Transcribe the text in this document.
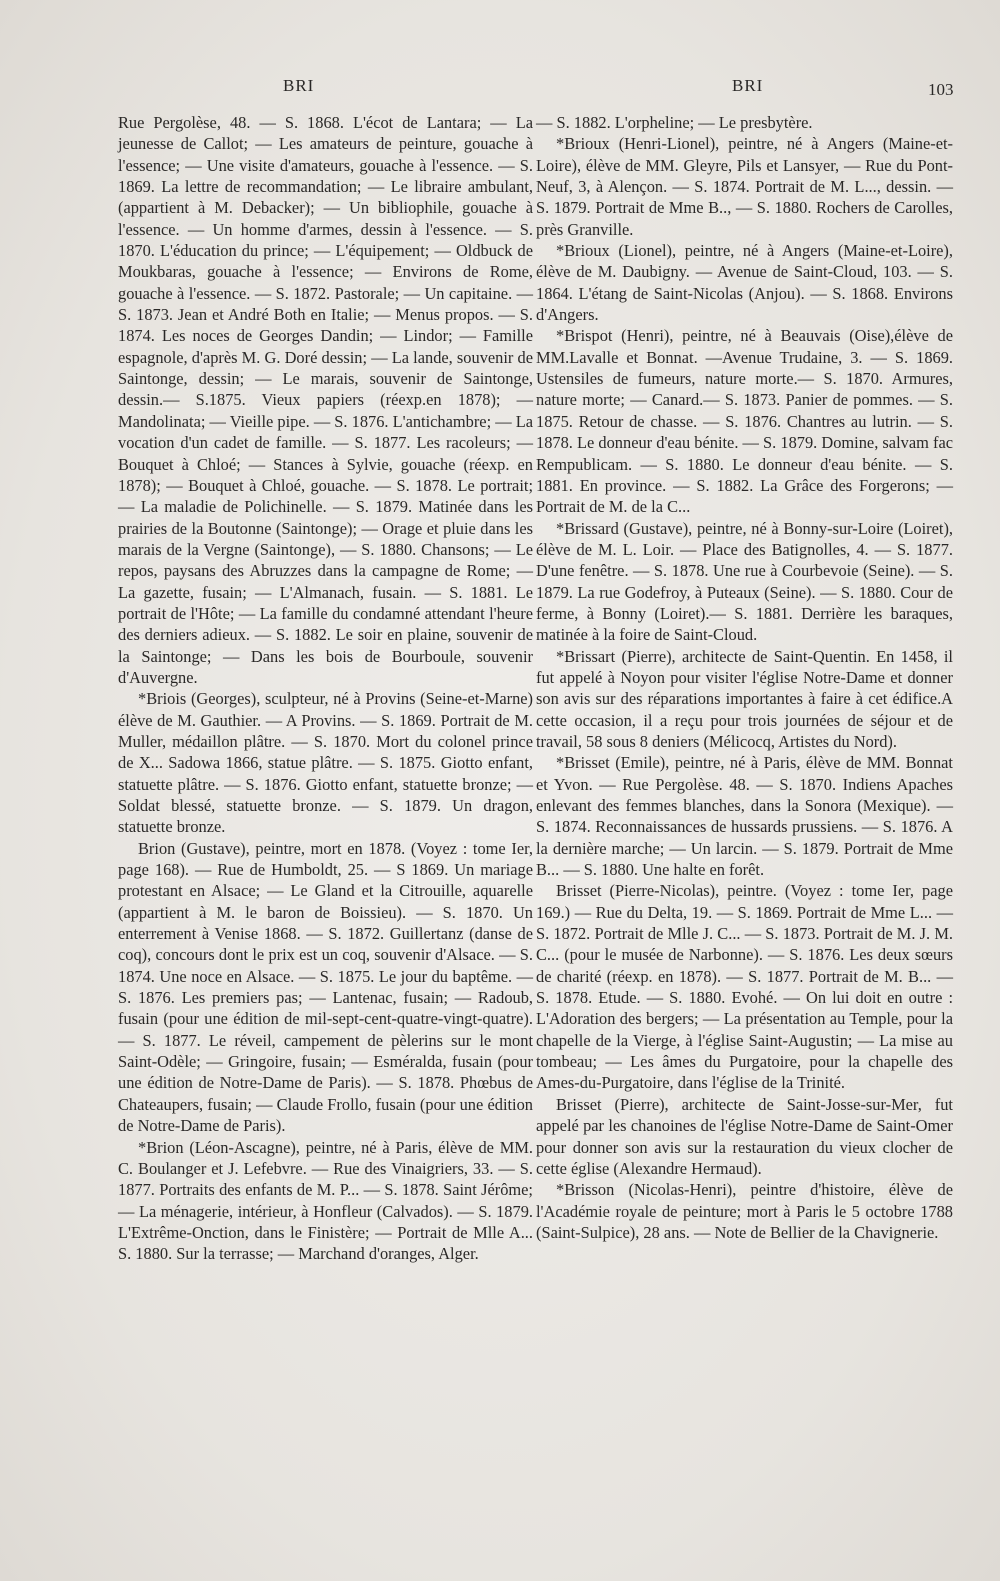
BRI	BRI	103

Rue Pergolèse, 48. — S. 1868. L'écot de Lantara; — La jeunesse de Callot; — Les amateurs de peinture, gouache à l'essence; — Une visite d'amateurs, gouache à l'essence. — S. 1869. La lettre de recommandation; — Le libraire ambulant, (appartient à M. Debacker); — Un bibliophile, gouache à l'essence. — Un homme d'armes, dessin à l'essence. — S. 1870. L'éducation du prince; — L'équipement; — Oldbuck de Moukbaras, gouache à l'essence; — Environs de Rome, gouache à l'essence. — S. 1872. Pastorale; — Un capitaine. — S. 1873. Jean et André Both en Italie; — Menus propos. — S. 1874. Les noces de Georges Dandin; — Lindor; — Famille espagnole, d'après M. G. Doré dessin; — La lande, souvenir de Saintonge, dessin; — Le marais, souvenir de Saintonge, dessin.— S.1875. Vieux papiers (réexp.en 1878); — Mandolinata; — Vieille pipe. — S. 1876. L'antichambre; — La vocation d'un cadet de famille. — S. 1877. Les racoleurs; — Bouquet à Chloé; — Stances à Sylvie, gouache (réexp. en 1878); — Bouquet à Chloé, gouache. — S. 1878. Le portrait; — La maladie de Polichinelle. — S. 1879. Matinée dans les prairies de la Boutonne (Saintonge); — Orage et pluie dans les marais de la Vergne (Saintonge), — S. 1880. Chansons; — Le repos, paysans des Abruzzes dans la campagne de Rome; — La gazette, fusain; — L'Almanach, fusain. — S. 1881. Le portrait de l'Hôte; — La famille du condamné attendant l'heure des derniers adieux. — S. 1882. Le soir en plaine, souvenir de la Saintonge; — Dans les bois de Bourboule, souvenir d'Auvergne.

*Briois (Georges), sculpteur, né à Provins (Seine-et-Marne) élève de M. Gauthier. — A Provins. — S. 1869. Portrait de M. Muller, médaillon plâtre. — S. 1870. Mort du colonel prince de X... Sadowa 1866, statue plâtre. — S. 1875. Giotto enfant, statuette plâtre. — S. 1876. Giotto enfant, statuette bronze; — Soldat blessé, statuette bronze. — S. 1879. Un dragon, statuette bronze.

Brion (Gustave), peintre, mort en 1878. (Voyez : tome Ier, page 168). — Rue de Humboldt, 25. — S 1869. Un mariage protestant en Alsace; — Le Gland et la Citrouille, aquarelle (appartient à M. le baron de Boissieu). — S. 1870. Un enterrement à Venise 1868. — S. 1872. Guillertanz (danse de coq), concours dont le prix est un coq, souvenir d'Alsace. — S. 1874. Une noce en Alsace. — S. 1875. Le jour du baptême. — S. 1876. Les premiers pas; — Lantenac, fusain; — Radoub, fusain (pour une édition de mil-sept-cent-quatre-vingt-quatre).— S. 1877. Le réveil, campement de pèlerins sur le mont Saint-Odèle; — Gringoire, fusain; — Esméralda, fusain (pour une édition de Notre-Dame de Paris). — S. 1878. Phœbus de Chateaupers, fusain; — Claude Frollo, fusain (pour une édition de Notre-Dame de Paris).

*Brion (Léon-Ascagne), peintre, né à Paris, élève de MM. C. Boulanger et J. Lefebvre. — Rue des Vinaigriers, 33. — S. 1877. Portraits des enfants de M. P... — S. 1878. Saint Jérôme; — La ménagerie, intérieur, à Honfleur (Calvados). — S. 1879. L'Extrême-Onction, dans le Finistère; — Portrait de Mlle A... S. 1880. Sur la terrasse; — Marchand d'oranges, Alger.

— S. 1882. L'orpheline; — Le presbytère.

*Brioux (Henri-Lionel), peintre, né à Angers (Maine-et-Loire), élève de MM. Gleyre, Pils et Lansyer, — Rue du Pont-Neuf, 3, à Alençon. — S. 1874. Portrait de M. L..., dessin. — S. 1879. Portrait de Mme B.., — S. 1880. Rochers de Carolles, près Granville.

*Brioux (Lionel), peintre, né à Angers (Maine-et-Loire), élève de M. Daubigny. — Avenue de Saint-Cloud, 103. — S. 1864. L'étang de Saint-Nicolas (Anjou). — S. 1868. Environs d'Angers.

*Brispot (Henri), peintre, né à Beauvais (Oise),élève de MM.Lavalle et Bonnat. —Avenue Trudaine, 3. — S. 1869. Ustensiles de fumeurs, nature morte.— S. 1870. Armures, nature morte; — Canard.— S. 1873. Panier de pommes. — S. 1875. Retour de chasse. — S. 1876. Chantres au lutrin. — S. 1878. Le donneur d'eau bénite. — S. 1879. Domine, salvam fac Rempublicam. — S. 1880. Le donneur d'eau bénite. — S. 1881. En province. — S. 1882. La Grâce des Forgerons; — Portrait de M. de la C...

*Brissard (Gustave), peintre, né à Bonny-sur-Loire (Loiret), élève de M. L. Loir. — Place des Batignolles, 4. — S. 1877. D'une fenêtre. — S. 1878. Une rue à Courbevoie (Seine). — S. 1879. La rue Godefroy, à Puteaux (Seine). — S. 1880. Cour de ferme, à Bonny (Loiret).— S. 1881. Derrière les baraques, matinée à la foire de Saint-Cloud.

*Brissart (Pierre), architecte de Saint-Quentin. En 1458, il fut appelé à Noyon pour visiter l'église Notre-Dame et donner son avis sur des réparations importantes à faire à cet édifice.A cette occasion, il a reçu pour trois journées de séjour et de travail, 58 sous 8 deniers (Mélicocq, Artistes du Nord).

*Brisset (Emile), peintre, né à Paris, élève de MM. Bonnat et Yvon. — Rue Pergolèse. 48. — S. 1870. Indiens Apaches enlevant des femmes blanches, dans la Sonora (Mexique). — S. 1874. Reconnaissances de hussards prussiens. — S. 1876. A la dernière marche; — Un larcin. — S. 1879. Portrait de Mme B... — S. 1880. Une halte en forêt.

Brisset (Pierre-Nicolas), peintre. (Voyez : tome Ier, page 169.) — Rue du Delta, 19. — S. 1869. Portrait de Mme L... — S. 1872. Portrait de Mlle J. C... — S. 1873. Portrait de M. J. M. C... (pour le musée de Narbonne). — S. 1876. Les deux sœurs de charité (réexp. en 1878). — S. 1877. Portrait de M. B... — S. 1878. Etude. — S. 1880. Evohé. — On lui doit en outre : L'Adoration des bergers; — La présentation au Temple, pour la chapelle de la Vierge, à l'église Saint-Augustin; — La mise au tombeau; — Les âmes du Purgatoire, pour la chapelle des Ames-du-Purgatoire, dans l'église de la Trinité.

Brisset (Pierre), architecte de Saint-Josse-sur-Mer, fut appelé par les chanoines de l'église Notre-Dame de Saint-Omer pour donner son avis sur la restauration du vieux clocher de cette église (Alexandre Hermaud).

*Brisson (Nicolas-Henri), peintre d'histoire, élève de l'Académie royale de peinture; mort à Paris le 5 octobre 1788 (Saint-Sulpice), 28 ans. — Note de Bellier de la Chavignerie.
